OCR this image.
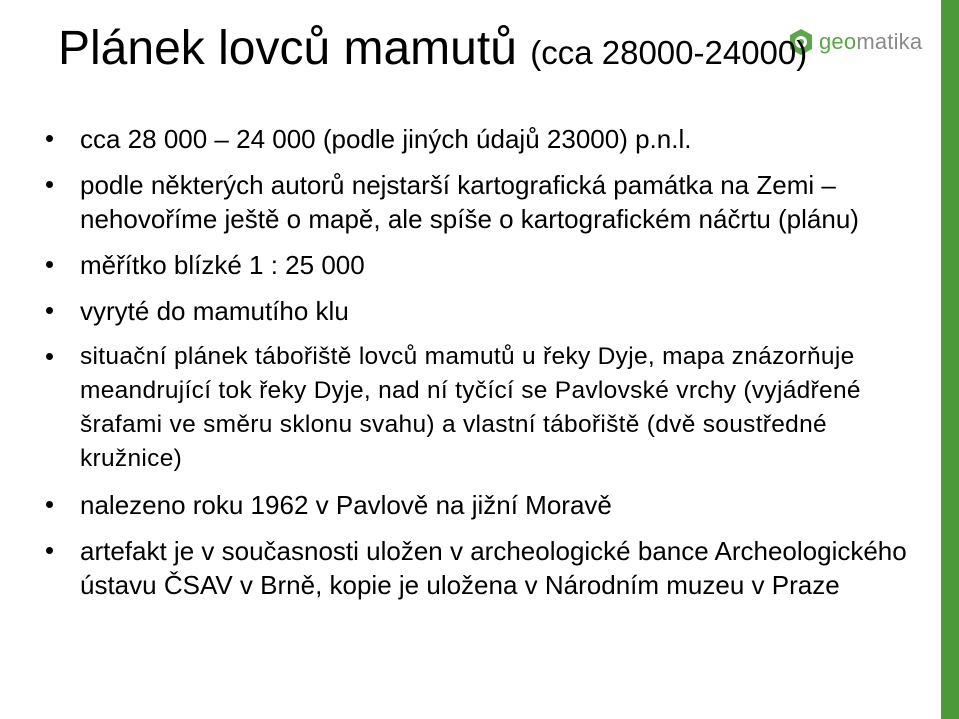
geomatika
Plánek lovců mamutů (cca 28000-24000)
cca 28 000 – 24 000 (podle jiných údajů 23000) p.n.l.
podle některých autorů nejstarší kartografická památka na Zemi – nehovoříme ještě o mapě, ale spíše o kartografickém náčrtu (plánu)
měřítko blízké 1 : 25 000
vyryté do mamutího klu
situační plánek tábořiště lovců mamutů u řeky Dyje, mapa znázorňuje meandrující tok řeky Dyje, nad ní tyčící se Pavlovské vrchy (vyjádřené šrafami ve směru sklonu svahu) a vlastní tábořiště (dvě soustředné kružnice)
nalezeno roku 1962 v Pavlově na jižní Moravě
artefakt je v současnosti uložen v archeologické bance Archeologického ústavu ČSAV v Brně, kopie je uložena v Národním muzeu v Praze
